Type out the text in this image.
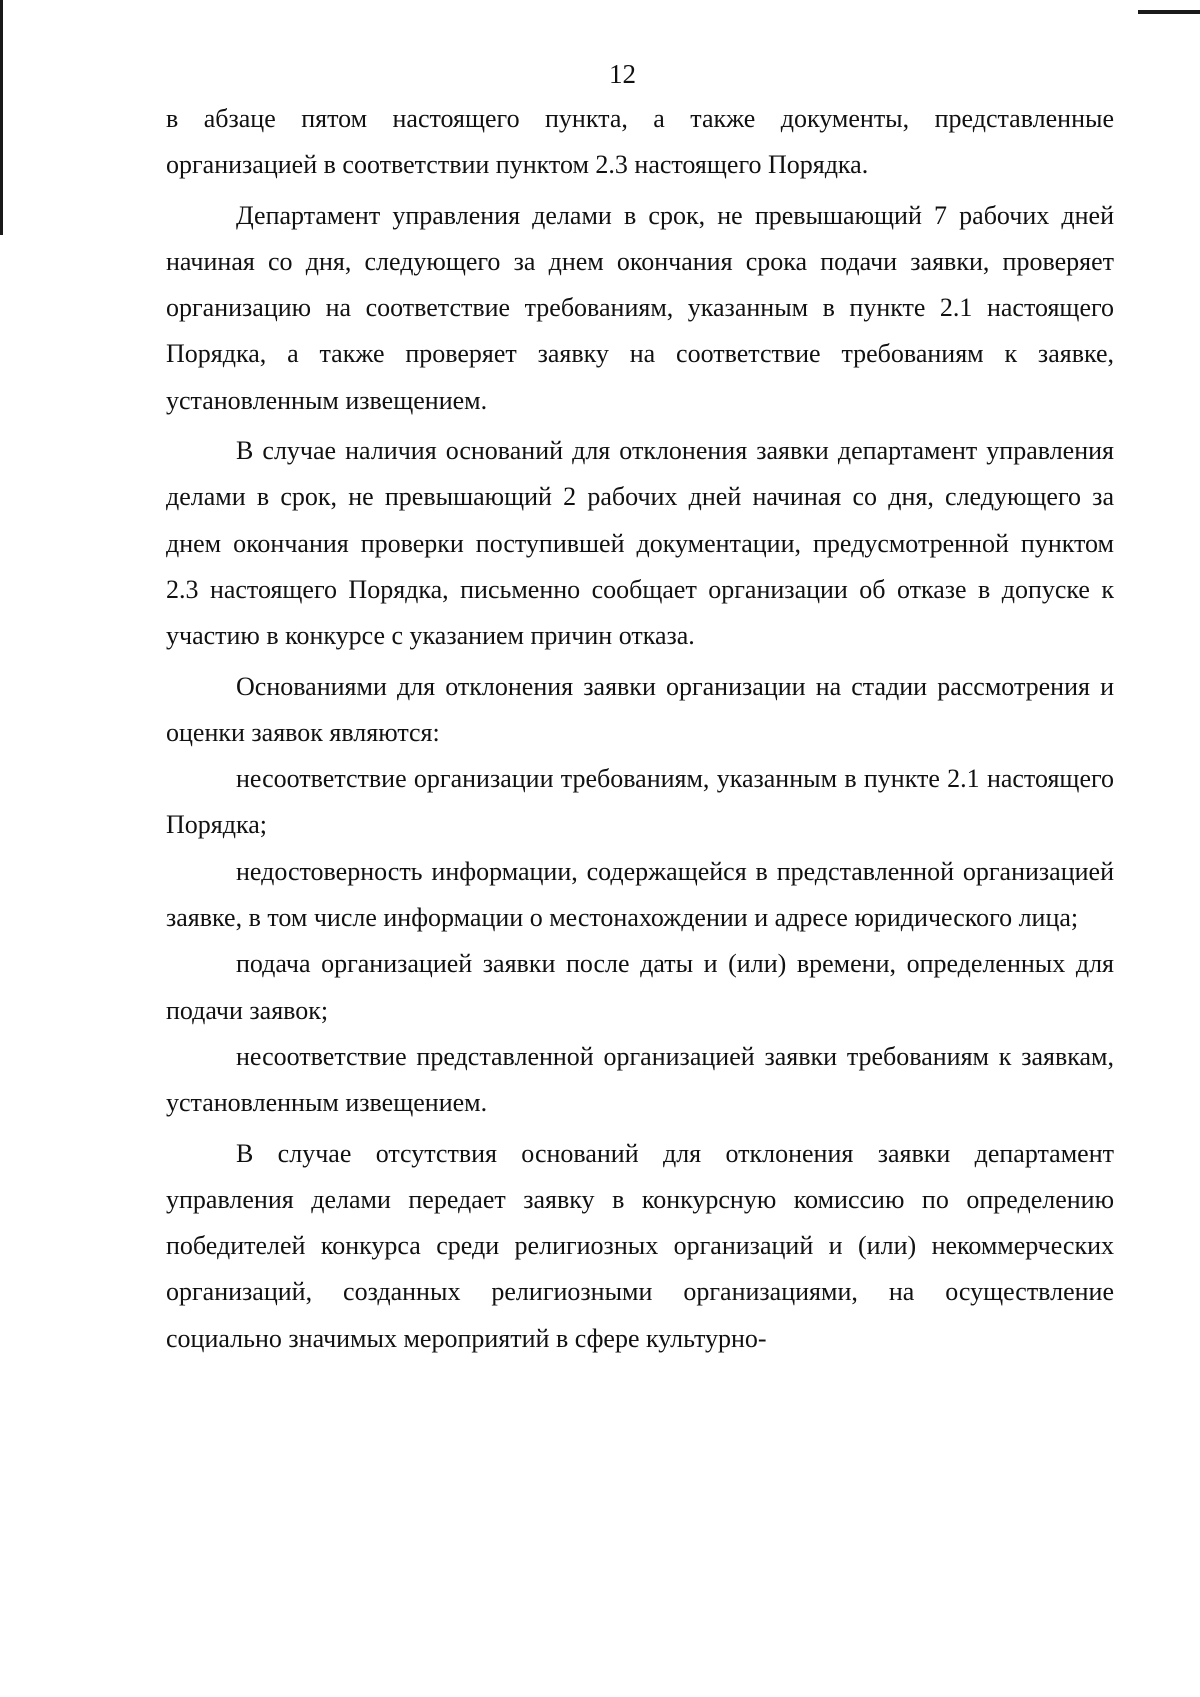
12

в абзаце пятом настоящего пункта, а также документы, представленные организацией в соответствии пунктом 2.3 настоящего Порядка.

Департамент управления делами в срок, не превышающий 7 рабочих дней начиная со дня, следующего за днем окончания срока подачи заявки, проверяет организацию на соответствие требованиям, указанным в пункте 2.1 настоящего Порядка, а также проверяет заявку на соответствие требованиям к заявке, установленным извещением.

В случае наличия оснований для отклонения заявки департамент управления делами в срок, не превышающий 2 рабочих дней начиная со дня, следующего за днем окончания проверки поступившей документации, предусмотренной пунктом 2.3 настоящего Порядка, письменно сообщает организации об отказе в допуске к участию в конкурсе с указанием причин отказа.

Основаниями для отклонения заявки организации на стадии рассмотрения и оценки заявок являются:

несоответствие организации требованиям, указанным в пункте 2.1 настоящего Порядка;

недостоверность информации, содержащейся в представленной организацией заявке, в том числе информации о местонахождении и адресе юридического лица;

подача организацией заявки после даты и (или) времени, определенных для подачи заявок;

несоответствие представленной организацией заявки требованиям к заявкам, установленным извещением.

В случае отсутствия оснований для отклонения заявки департамент управления делами передает заявку в конкурсную комиссию по определению победителей конкурса среди религиозных организаций и (или) некоммерческих организаций, созданных религиозными организациями, на осуществление социально значимых мероприятий в сфере культурно-
